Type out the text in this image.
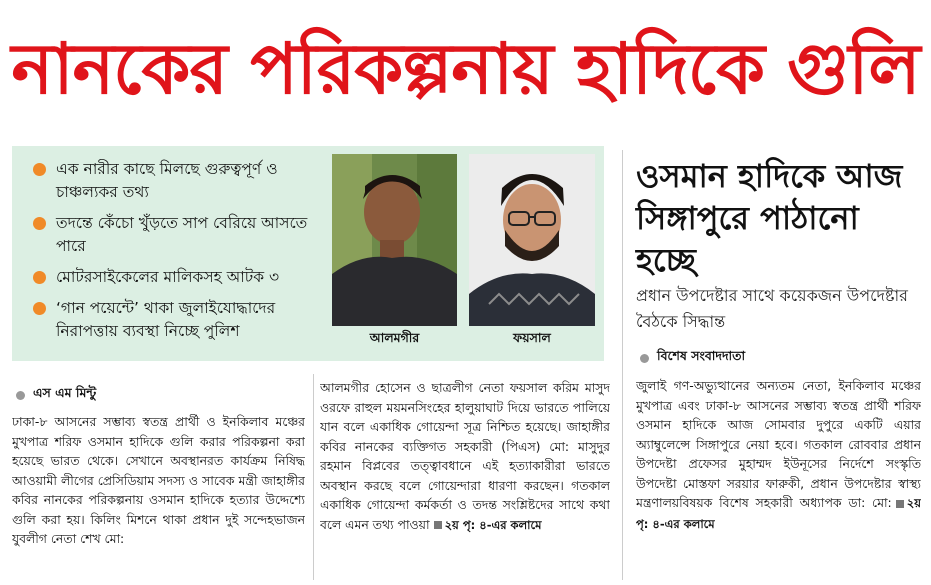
নানকের পরিকল্পনায় হাদিকে গুলি
এক নারীর কাছে মিলছে গুরুত্বপূর্ণ ও চাঞ্চল্যকর তথ্য
তদন্তে কেঁচো খুঁড়তে সাপ বেরিয়ে আসতে পারে
মোটরসাইকেলের মালিকসহ আটক ৩
‘গান পয়েন্টে’ থাকা জুলাইযোদ্ধাদের নিরাপত্তায় ব্যবস্থা নিচ্ছে পুলিশ	আলমগীর	ফয়সাল
ওসমান হাদিকে আজ সিঙ্গাপুরে পাঠানো হচ্ছে
প্রধান উপদেষ্টার সাথে কয়েকজন উপদেষ্টার বৈঠকে সিদ্ধান্ত
বিশেষ সংবাদদাতা
এস এম মিন্টু
ঢাকা-৮ আসনের সম্ভাব্য স্বতন্ত্র প্রার্থী ও ইনকিলাব মঞ্চের মুখপাত্র শরিফ ওসমান হাদিকে গুলি করার পরিকল্পনা করা হয়েছে ভারত থেকে। সেখানে অবস্থানরত কার্যক্রম নিষিদ্ধ আওয়ামী লীগের প্রেসিডিয়াম সদস্য ও সাবেক মন্ত্রী জাহাঙ্গীর কবির নানকের পরিকল্পনায় ওসমান হাদিকে হত্যার উদ্দেশ্যে গুলি করা হয়। কিলিং মিশনে থাকা প্রধান দুই সন্দেহভাজন যুবলীগ নেতা শেখ মো:
আলমগীর হোসেন ও ছাত্রলীগ নেতা ফয়সাল করিম মাসুদ ওরফে রাহুল ময়মনসিংহের হালুয়াঘাট দিয়ে ভারতে পালিয়ে যান বলে একাধিক গোয়েন্দা সূত্র নিশ্চিত হয়েছে। জাহাঙ্গীর কবির নানকের ব্যক্তিগত সহকারী (পিএস) মো: মাসুদুর রহমান বিপ্লবের তত্ত্বাবধানে এই হত্যাকারীরা ভারতে অবস্থান করছে বলে গোয়েন্দারা ধারণা করছেন। গতকাল একাধিক গোয়েন্দা কর্মকর্তা ও তদন্ত সংশ্লিষ্টদের সাথে কথা বলে এমন তথ্য পাওয়া ২য় পৃ: ৪-এর কলামে
জুলাই গণ-অভ্যুত্থানের অন্যতম নেতা, ইনকিলাব মঞ্চের মুখপাত্র এবং ঢাকা-৮ আসনের সম্ভাব্য স্বতন্ত্র প্রার্থী শরিফ ওসমান হাদিকে আজ সোমবার দুপুরে একটি এয়ার অ্যাম্বুলেন্সে সিঙ্গাপুরে নেয়া হবে। গতকাল রোববার প্রধান উপদেষ্টা প্রফেসর মুহাম্মদ ইউনূসের নির্দেশে সংস্কৃতি উপদেষ্টা মোস্তফা সরয়ার ফারুকী, প্রধান উপদেষ্টার স্বাস্থ্য মন্ত্রণালয়বিষয়ক বিশেষ সহকারী অধ্যাপক ডা: মো: ২য় পৃ: ৪-এর কলামে
